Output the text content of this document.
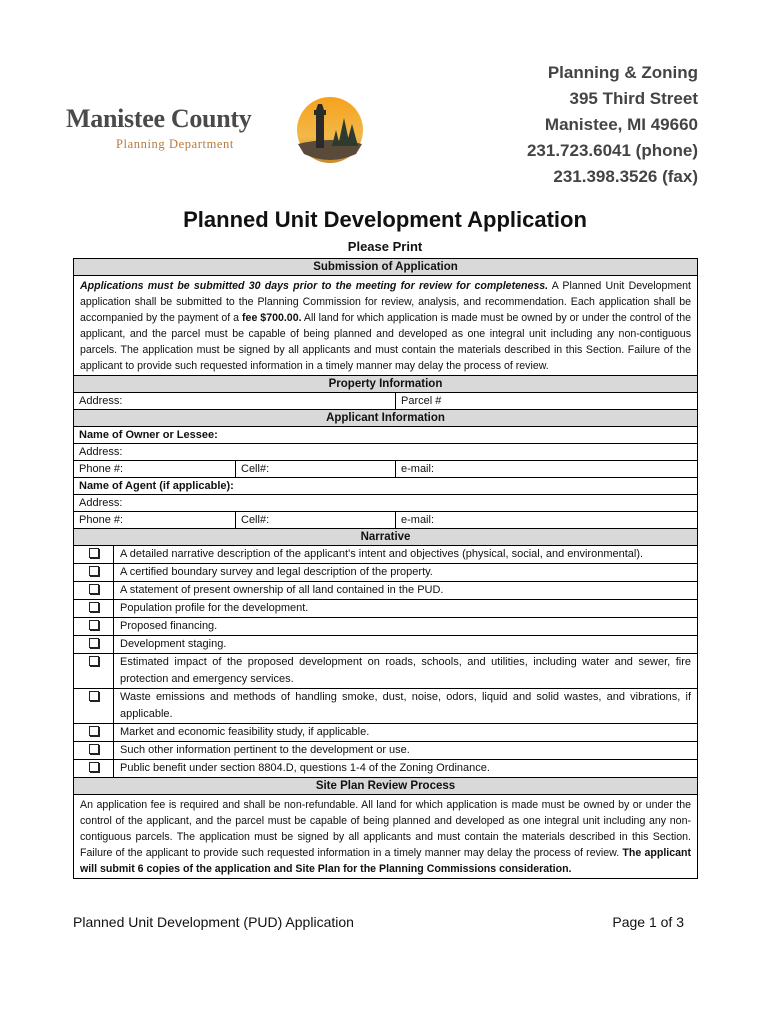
Manistee County
Planning Department
Planning & Zoning
395 Third Street
Manistee, MI 49660
231.723.6041 (phone)
231.398.3526 (fax)
Planned Unit Development Application
Please Print
Submission of Application
Applications must be submitted 30 days prior to the meeting for review for completeness. A Planned Unit Development application shall be submitted to the Planning Commission for review, analysis, and recommendation. Each application shall be accompanied by the payment of a fee $700.00. All land for which application is made must be owned by or under the control of the applicant, and the parcel must be capable of being planned and developed as one integral unit including any non-contiguous parcels. The application must be signed by all applicants and must contain the materials described in this Section. Failure of the applicant to provide such requested information in a timely manner may delay the process of review.
Property Information
Address:	Parcel #
Applicant Information
Name of Owner or Lessee:
Address:
Phone #:	Cell#:	e-mail:
Name of Agent (if applicable):
Address:
Phone #:	Cell#:	e-mail:
Narrative
A detailed narrative description of the applicant's intent and objectives (physical, social, and environmental).
A certified boundary survey and legal description of the property.
A statement of present ownership of all land contained in the PUD.
Population profile for the development.
Proposed financing.
Development staging.
Estimated impact of the proposed development on roads, schools, and utilities, including water and sewer, fire protection and emergency services.
Waste emissions and methods of handling smoke, dust, noise, odors, liquid and solid wastes, and vibrations, if applicable.
Market and economic feasibility study, if applicable.
Such other information pertinent to the development or use.
Public benefit under section 8804.D, questions 1-4 of the Zoning Ordinance.
Site Plan Review Process
An application fee is required and shall be non-refundable. All land for which application is made must be owned by or under the control of the applicant, and the parcel must be capable of being planned and developed as one integral unit including any non-contiguous parcels. The application must be signed by all applicants and must contain the materials described in this Section. Failure of the applicant to provide such requested information in a timely manner may delay the process of review. The applicant will submit 6 copies of the application and Site Plan for the Planning Commissions consideration.
Planned Unit Development (PUD) Application	Page 1 of 3
